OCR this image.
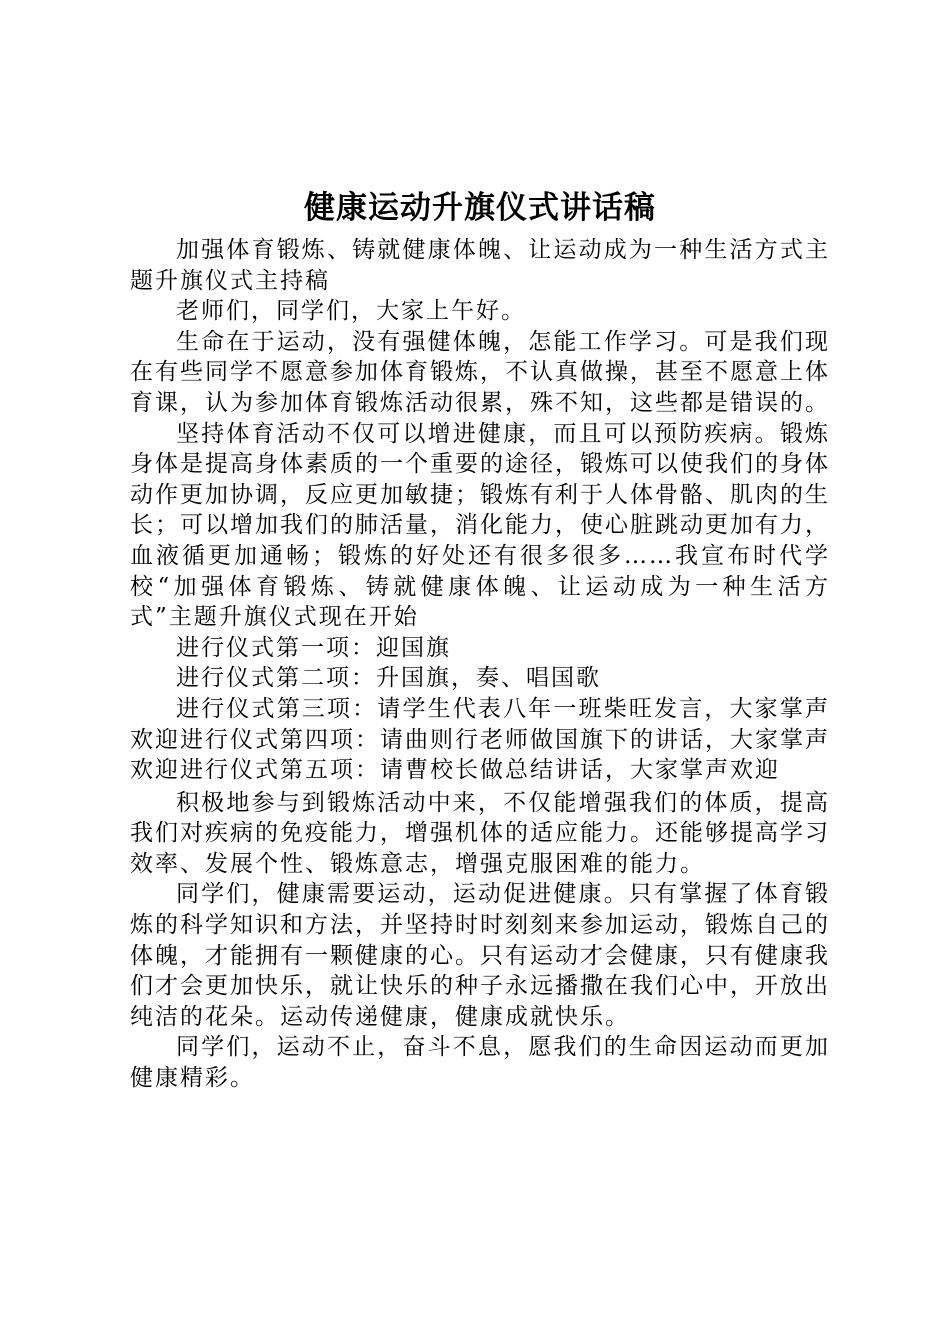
健康运动升旗仪式讲话稿

加强体育锻炼、铸就健康体魄、让运动成为一种生活方式主题升旗仪式主持稿

老师们，同学们，大家上午好。

生命在于运动，没有强健体魄，怎能工作学习。可是我们现在有些同学不愿意参加体育锻炼，不认真做操，甚至不愿意上体育课，认为参加体育锻炼活动很累，殊不知，这些都是错误的。

坚持体育活动不仅可以增进健康，而且可以预防疾病。锻炼身体是提高身体素质的一个重要的途径，锻炼可以使我们的身体动作更加协调，反应更加敏捷；锻炼有利于人体骨骼、肌肉的生长；可以增加我们的肺活量，消化能力，使心脏跳动更加有力，血液循更加通畅；锻炼的好处还有很多很多……我宣布时代学校“加强体育锻炼、铸就健康体魄、让运动成为一种生活方式”主题升旗仪式现在开始

进行仪式第一项：迎国旗

进行仪式第二项：升国旗，奏、唱国歌

进行仪式第三项：请学生代表八年一班柴旺发言，大家掌声欢迎进行仪式第四项：请曲则行老师做国旗下的讲话，大家掌声欢迎进行仪式第五项：请曹校长做总结讲话，大家掌声欢迎

积极地参与到锻炼活动中来，不仅能增强我们的体质，提高我们对疾病的免疫能力，增强机体的适应能力。还能够提高学习效率、发展个性、锻炼意志，增强克服困难的能力。

同学们，健康需要运动，运动促进健康。只有掌握了体育锻炼的科学知识和方法，并坚持时时刻刻来参加运动，锻炼自己的体魄，才能拥有一颗健康的心。只有运动才会健康，只有健康我们才会更加快乐，就让快乐的种子永远播撒在我们心中，开放出纯洁的花朵。运动传递健康，健康成就快乐。

同学们，运动不止，奋斗不息，愿我们的生命因运动而更加健康精彩。
